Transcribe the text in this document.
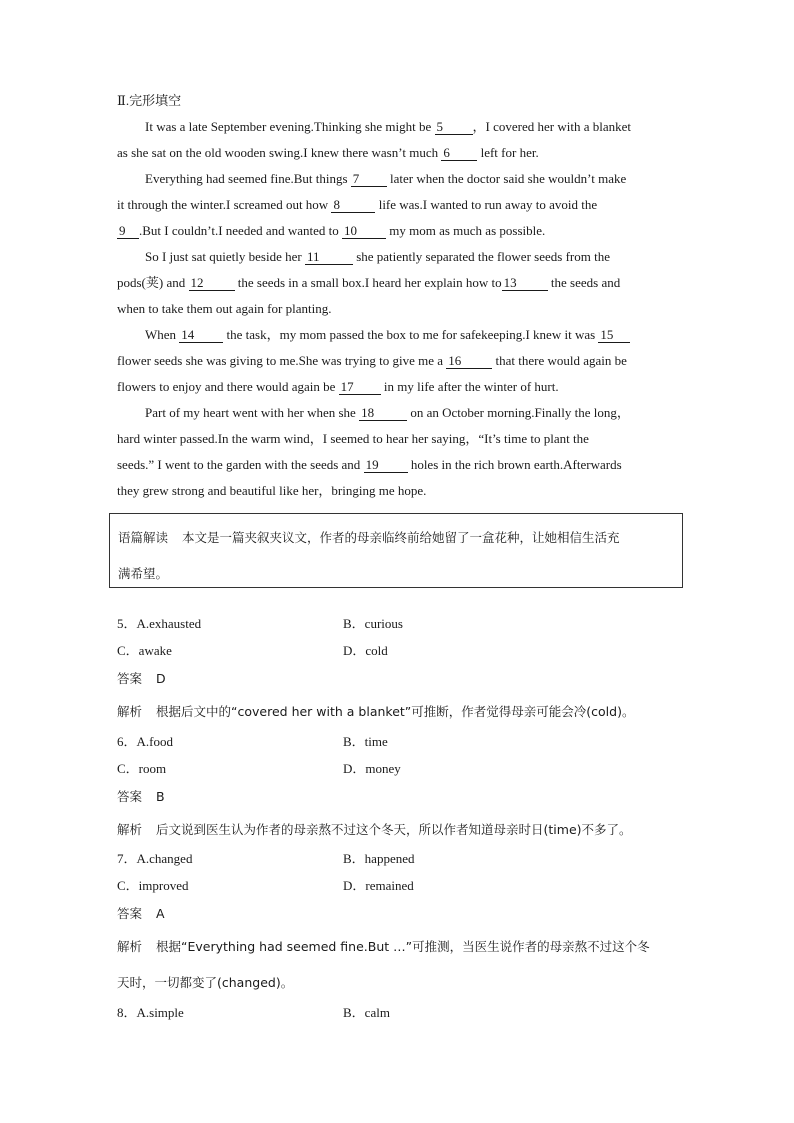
Ⅱ.完形填空
It was a late September evening.Thinking she might be 5 ，I covered her with a blanket
as she sat on the old wooden swing.I knew there wasn’t much 6 left for her.
Everything had seemed fine.But things 7 later when the doctor said she wouldn’t make
it through the winter.I screamed out how 8	life was.I wanted to run away to avoid the
9 .But I couldn’t.I needed and wanted to 10 my mom as much as possible.
So I just sat quietly beside her 11	she patiently separated the flower seeds from the
pods(荚) and 12	the seeds in a small box.I heard her explain how to 13	the seeds and
when to take them out again for planting.
When 14 the task，my mom passed the box to me for safekeeping.I knew it was 15
flower seeds she was giving to me.She was trying to give me a 16	that there would again be
flowers to enjoy and there would again be 17 in my life after the winter of hurt.
Part of my heart went with her when she 18	on an October morning.Finally the long，
hard winter passed.In the warm wind，I seemed to hear her saying，“It’s time to plant the
seeds.” I went to the garden with the seeds and 19 holes in the rich brown earth.Afterwards
they grew strong and beautiful like her，bringing me hope.
语篇解读 本文是一篇夹叙夹议文，作者的母亲临终前给她留了一盒花种，让她相信生活充
满希望。
5．A.exhausted	B．curious
C．awake	D．cold
答案 D
解析 根据后文中的“covered her with a blanket”可推断，作者觉得母亲可能会冷(cold)。
6．A.food	B．time
C．room	D．money
答案 B
解析 后文说到医生认为作者的母亲熬不过这个冬天，所以作者知道母亲时日(time)不多了。
7．A.changed	B．happened
C．improved	D．remained
答案 A
解析 根据“Everything had seemed fine.But …”可推测，当医生说作者的母亲熬不过这个冬
天时，一切都变了(changed)。
8．A.simple	B．calm
